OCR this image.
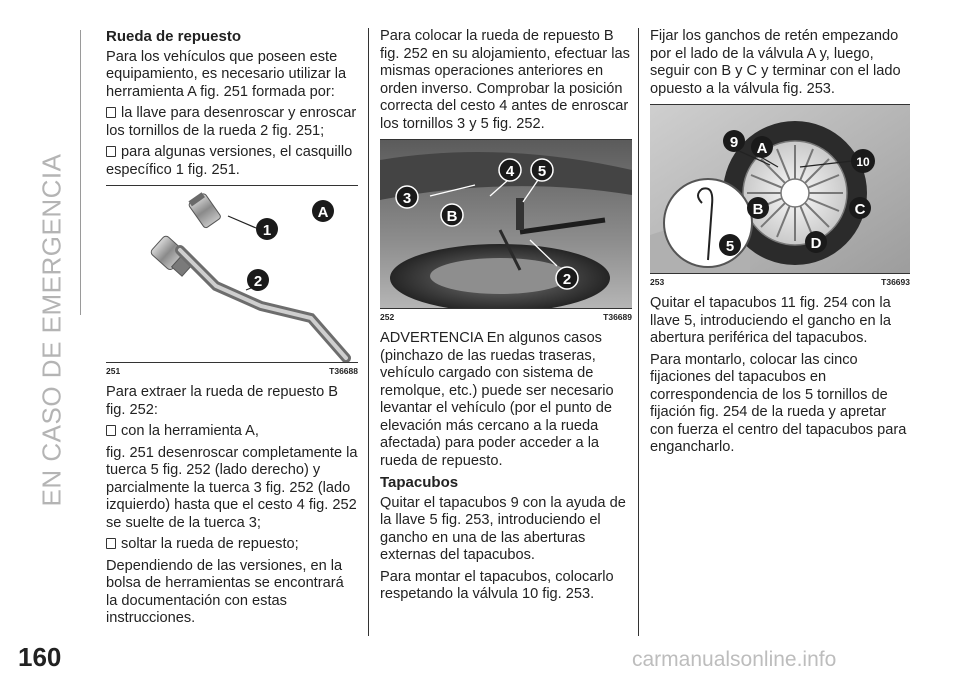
EN CASO DE EMERGENCIA
160	carmanualsonline.info
Rueda de repuesto

Para los vehículos que poseen este equipamiento, es necesario utilizar la herramienta A fig. 251 formada por:

la llave para desenroscar y enroscar los tornillos de la rueda 2 fig. 251;

para algunas versiones, el casquillo específico 1 fig. 251.

1
2
A
251	T36688

Para extraer la rueda de repuesto B fig. 252:

con la herramienta A,

fig. 251 desenroscar completamente la tuerca 5 fig. 252 (lado derecho) y parcialmente la tuerca 3 fig. 252 (lado izquierdo) hasta que el cesto 4 fig. 252 se suelte de la tuerca 3;

soltar la rueda de repuesto;

Dependiendo de las versiones, en la bolsa de herramientas se encontrará la documentación con estas instrucciones.

Para colocar la rueda de repuesto B fig. 252 en su alojamiento, efectuar las mismas operaciones anteriores en orden inverso. Comprobar la posición correcta del cesto 4 antes de enroscar los tornillos 3 y 5 fig. 252.

3
4 5
B
2
252	T36689

ADVERTENCIA En algunos casos (pinchazo de las ruedas traseras, vehículo cargado con sistema de remolque, etc.) puede ser necesario levantar el vehículo (por el punto de elevación más cercano a la rueda afectada) para poder acceder a la rueda de repuesto.

Tapacubos

Quitar el tapacubos 9 con la ayuda de la llave 5 fig. 253, introduciendo el gancho en una de las aberturas externas del tapacubos.

Para montar el tapacubos, colocarlo respetando la válvula 10 fig. 253.

Fijar los ganchos de retén empezando por el lado de la válvula A y, luego, seguir con B y C y terminar con el lado opuesto a la válvula fig. 253.

9 A
10
B	C
5	D
253	T36693

Quitar el tapacubos 11 fig. 254 con la llave 5, introduciendo el gancho en la abertura periférica del tapacubos.

Para montarlo, colocar las cinco fijaciones del tapacubos en correspondencia de los 5 tornillos de fijación fig. 254 de la rueda y apretar con fuerza el centro del tapacubos para engancharlo.
